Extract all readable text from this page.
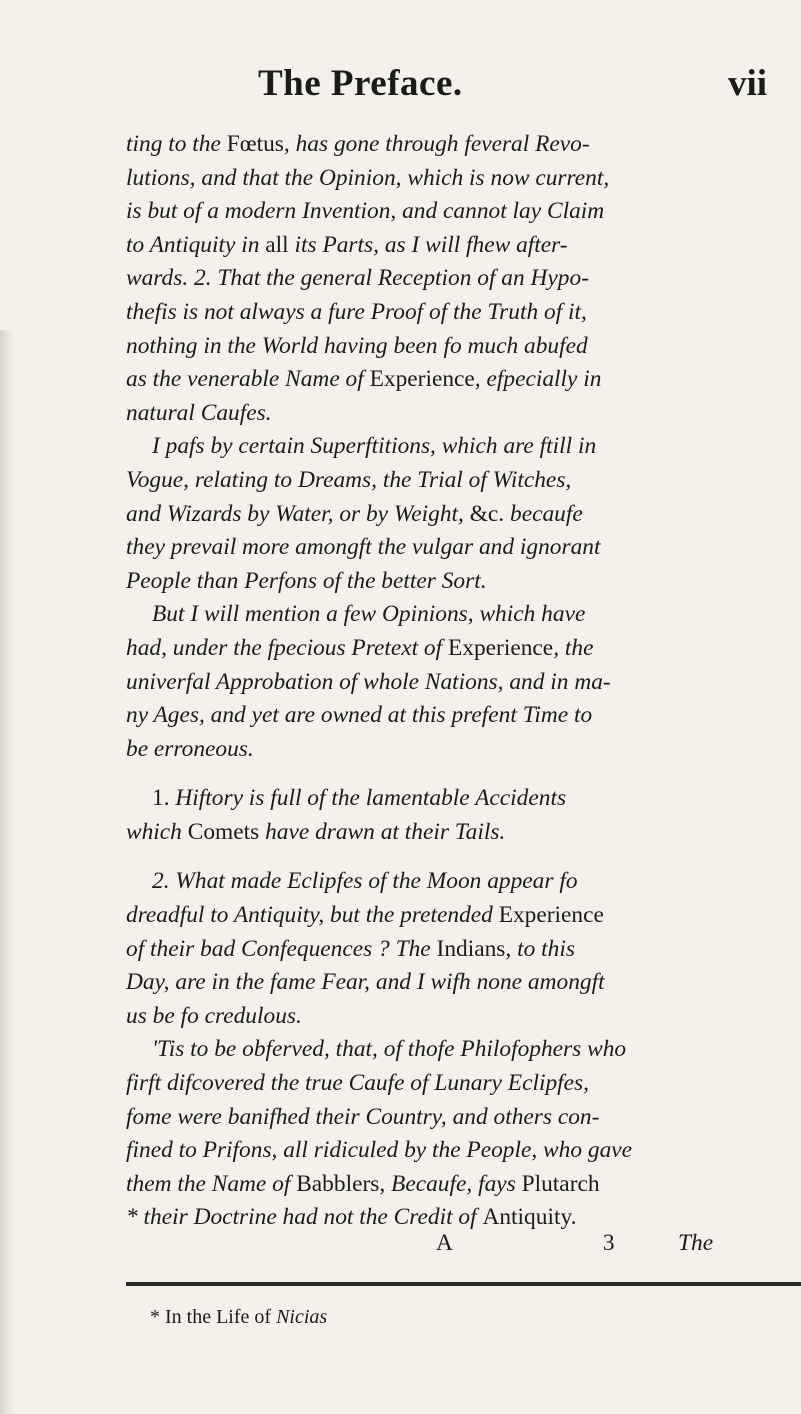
The Preface.	vii
ting to the Fœtus, has gone through feveral Revo-
lutions, and that the Opinion, which is now current,
is but of a modern Invention, and cannot lay Claim
to Antiquity in all its Parts, as I will fhew after-
wards. 2. That the general Reception of an Hypo-
thefis is not always a fure Proof of the Truth of it,
nothing in the World having been fo much abufed
as the venerable Name of Experience, efpecially in
natural Caufes.
I pafs by certain Superftitions, which are ftill in
Vogue, relating to Dreams, the Trial of Witches,
and Wizards by Water, or by Weight, &c. becaufe
they prevail more amongft the vulgar and ignorant
People than Perfons of the better Sort.
But I will mention a few Opinions, which have
had, under the fpecious Pretext of Experience, the
univerfal Approbation of whole Nations, and in ma-
ny Ages, and yet are owned at this prefent Time to
be erroneous.
1. Hiftory is full of the lamentable Accidents
which Comets have drawn at their Tails.
2. What made Eclipfes of the Moon appear fo
dreadful to Antiquity, but the pretended Experience
of their bad Confequences ? The Indians, to this
Day, are in the fame Fear, and I wifh none amongft
us be fo credulous.
'Tis to be obferved, that, of thofe Philofophers who
firft difcovered the true Caufe of Lunary Eclipfes,
fome were banifhed their Country, and others con-
fined to Prifons, all ridiculed by the People, who gave
them the Name of Babblers, Becaufe, fays Plutarch
* their Doctrine had not the Credit of Antiquity.
A	3	The
* In the Life of Nicias
